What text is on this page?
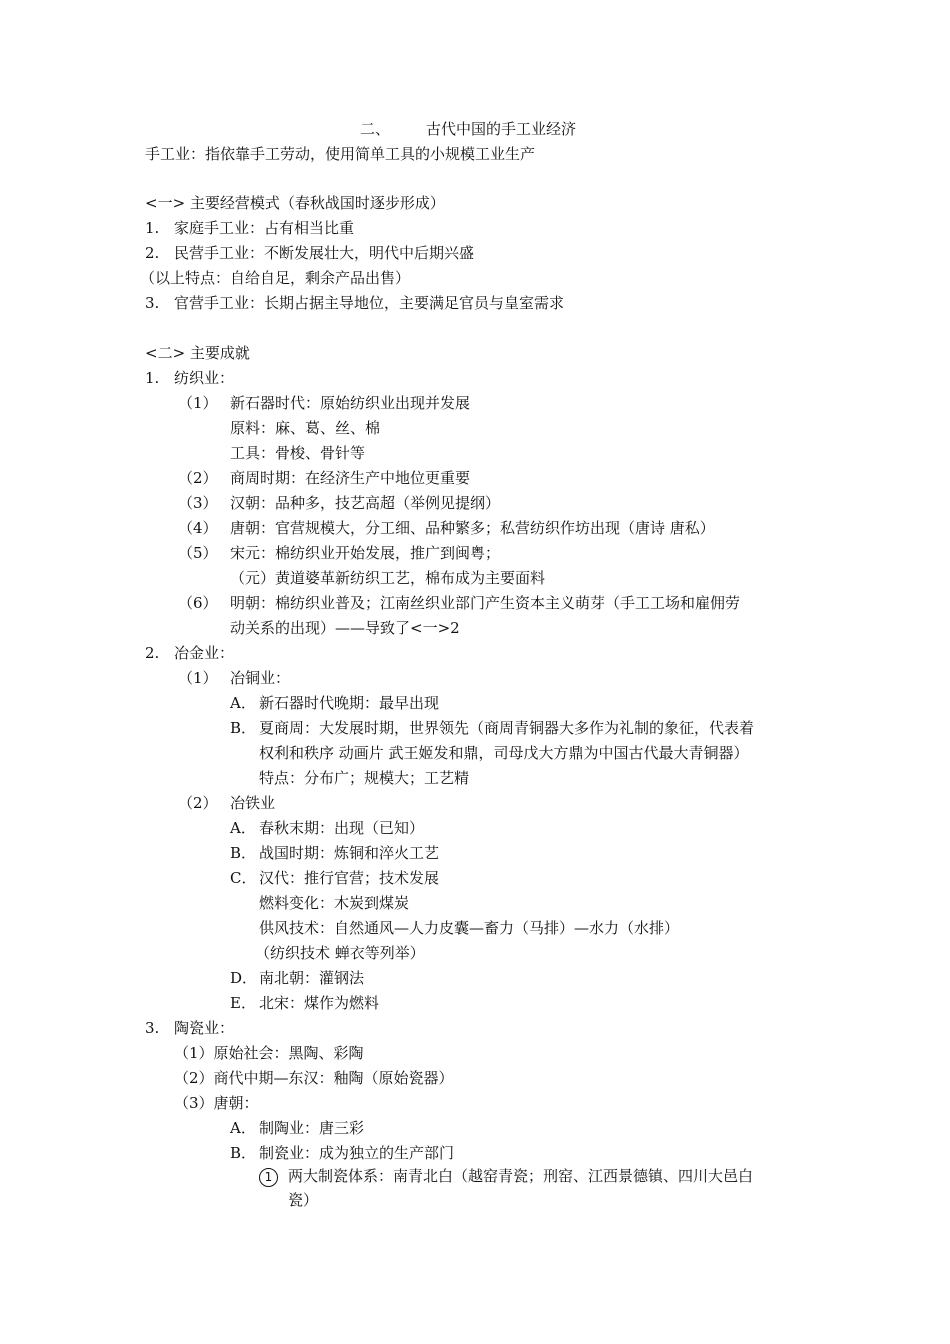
二、 古代中国的手工业经济
手工业：指依靠手工劳动，使用简单工具的小规模工业生产
<一> 主要经营模式（春秋战国时逐步形成）
1. 家庭手工业：占有相当比重
2. 民营手工业：不断发展壮大，明代中后期兴盛
（以上特点：自给自足，剩余产品出售）
3. 官营手工业：长期占据主导地位，主要满足官员与皇室需求
<二> 主要成就
1. 纺织业：
（1） 新石器时代：原始纺织业出现并发展
原料：麻、葛、丝、棉
工具：骨梭、骨针等
（2） 商周时期：在经济生产中地位更重要
（3） 汉朝：品种多，技艺高超（举例见提纲）
（4） 唐朝：官营规模大，分工细、品种繁多；私营纺织作坊出现（唐诗 唐私）
（5） 宋元：棉纺织业开始发展，推广到闽粤；
（元）黄道婆革新纺织工艺，棉布成为主要面料
（6） 明朝：棉纺织业普及；江南丝织业部门产生资本主义萌芽（手工工场和雇佣劳
动关系的出现）——导致了<一>2
2. 冶金业：
（1） 冶铜业：
A． 新石器时代晚期：最早出现
B． 夏商周：大发展时期，世界领先（商周青铜器大多作为礼制的象征，代表着
权利和秩序 动画片 武王姬发和鼎，司母戊大方鼎为中国古代最大青铜器）
特点：分布广；规模大；工艺精
（2） 冶铁业
A． 春秋末期：出现（已知）
B． 战国时期：炼铜和淬火工艺
C． 汉代：推行官营；技术发展
燃料变化：木炭到煤炭
供风技术：自然通风—人力皮囊—畜力（马排）—水力（水排）
（纺织技术 蝉衣等列举）
D． 南北朝：灌钢法
E． 北宋：煤作为燃料
3. 陶瓷业：
（1）原始社会：黑陶、彩陶
（2）商代中期—东汉：釉陶（原始瓷器）
（3）唐朝：
A． 制陶业：唐三彩
B． 制瓷业：成为独立的生产部门
1	两大制瓷体系：南青北白（越窑青瓷；刑窑、江西景德镇、四川大邑白
瓷）
